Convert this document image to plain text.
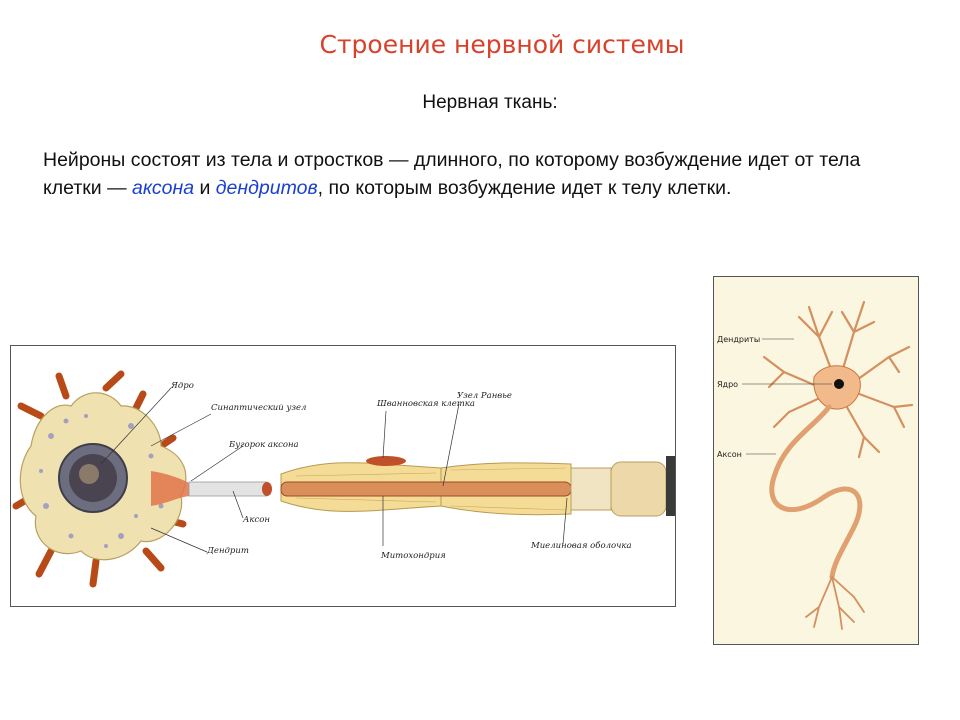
Строение нервной системы
Нервная ткань:
Нейроны состоят из тела и отростков — длинного, по которому возбуждение идет от тела клетки — аксона и дендритов, по которым возбуждение идет к телу клетки.
Ядро
Синаптический узел
Бугорок аксона
Аксон
Дендрит
Шванновская клетка
Узел Ранвье
Митохондрия
Миелиновая оболочка
Дендриты
Ядро
Аксон
